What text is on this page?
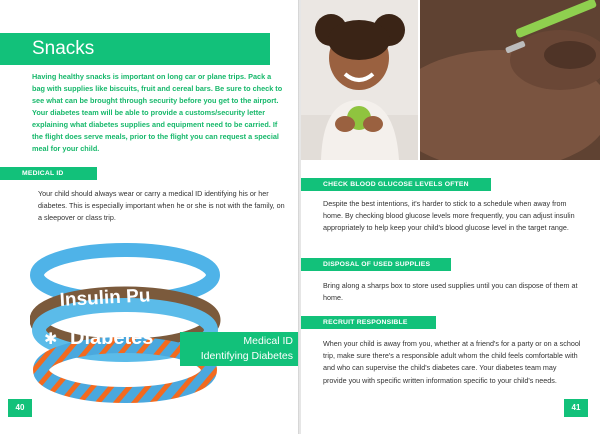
Snacks

Having healthy snacks is important on long car or plane trips. Pack a bag with supplies like biscuits, fruit and cereal bars. Be sure to check to see what can be brought through security before you get to the airport. Your diabetes team will be able to provide a customs/security letter explaining what diabetes supplies and equipment need to be carried. If the flight does serve meals, prior to the flight you can request a special meal for your child.

MEDICAL ID

Your child should always wear or carry a medical ID identifying his or her diabetes. This is especially important when he or she is not with the family, on a sleepover or class trip.

Insulin Pu
Diabetes
✱	Medical ID
Identifying Diabetes
40
CHECK BLOOD GLUCOSE LEVELS OFTEN

Despite the best intentions, it's harder to stick to a schedule when away from home. By checking blood glucose levels more frequently, you can adjust insulin appropriately to help keep your child's blood glucose level in the target range.

DISPOSAL OF USED SUPPLIES

Bring along a sharps box to store used supplies until you can dispose of them at home.

RECRUIT RESPONSIBLE ADULTS

When your child is away from you, whether at a friend's for a party or on a school trip, make sure there's a responsible adult whom the child feels comfortable with and who can supervise the child's diabetes care. Your diabetes team may provide you with specific written information specific to your child's needs.

41
